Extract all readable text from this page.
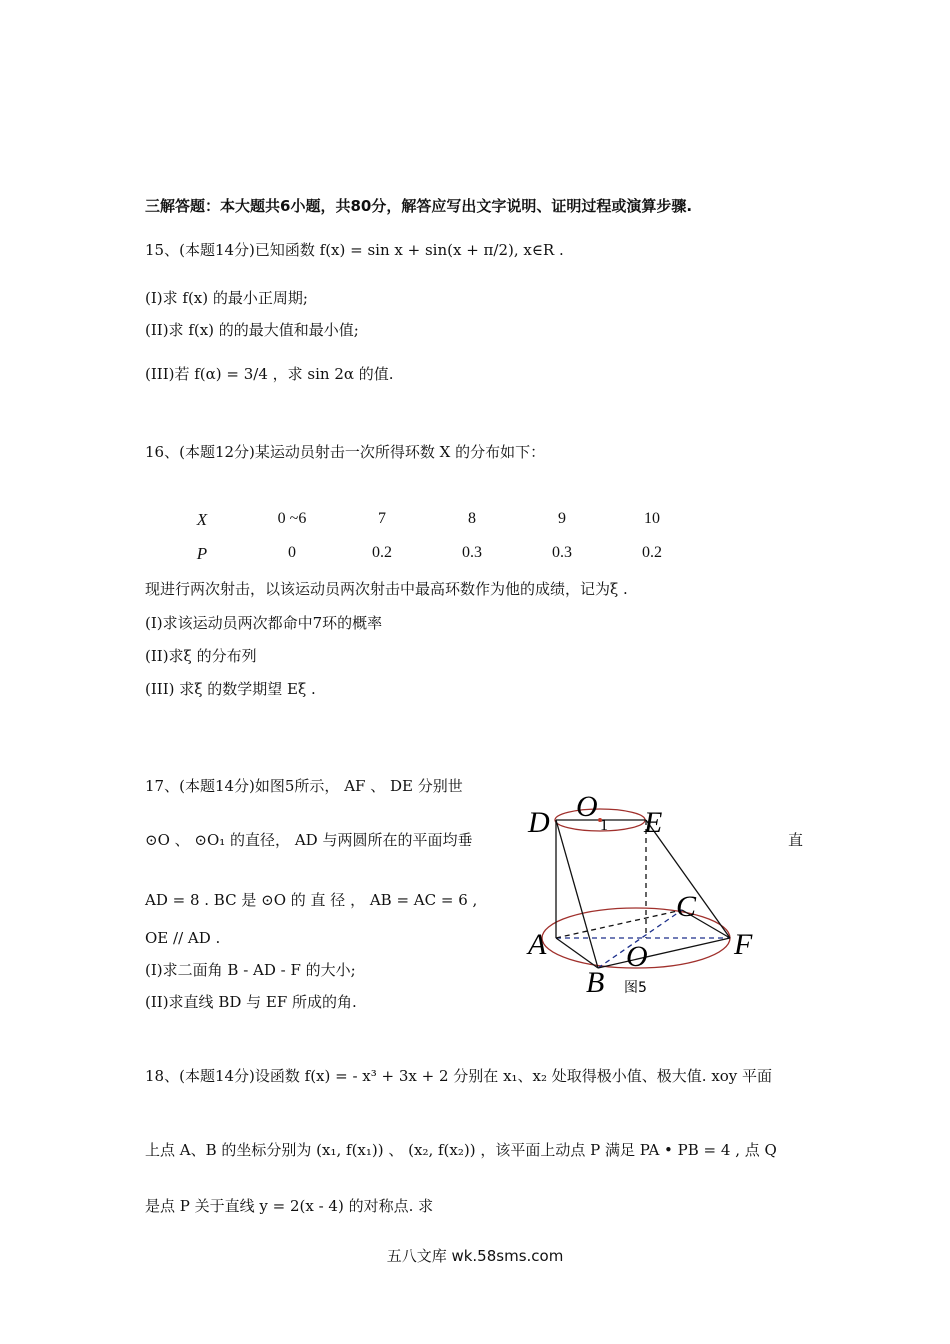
三解答题：本大题共6小题，共80分，解答应写出文字说明、证明过程或演算步骤.
15、(本题14分)已知函数 f(x) = sin x + sin(x + π/2), x∈R .
(I)求 f(x) 的最小正周期;
(II)求 f(x) 的的最大值和最小值;
(III)若 f(α) = 3/4 ，求 sin 2α 的值.
16、(本题12分)某运动员射击一次所得环数 X 的分布如下：
X	0 ~6	7	8	9	10
P	0	0.2	0.3	0.3	0.2
现进行两次射击，以该运动员两次射击中最高环数作为他的成绩，记为ξ .
(I)求该运动员两次都命中7环的概率
(II)求ξ 的分布列
(III) 求ξ 的数学期望 Eξ .
17、(本题14分)如图5所示， AF 、 DE 分别世
⊙O 、 ⊙O₁ 的直径， AD 与两圆所在的平面均垂	直
AD = 8 . BC 是 ⊙O 的 直 径 ， AB = AC = 6 ,
OE // AD .
(I)求二面角 B - AD - F 的大小;
(II)求直线 BD 与 EF 所成的角.
D O
1 E
C
A	O	F
B 图5
18、(本题14分)设函数 f(x) = - x³ + 3x + 2 分别在 x₁、x₂ 处取得极小值、极大值. xoy 平面
上点 A、B 的坐标分别为 (x₁, f(x₁)) 、 (x₂, f(x₂)) ，该平面上动点 P 满足 PA • PB = 4 , 点 Q
是点 P 关于直线 y = 2(x - 4) 的对称点. 求
五八文库 wk.58sms.com
